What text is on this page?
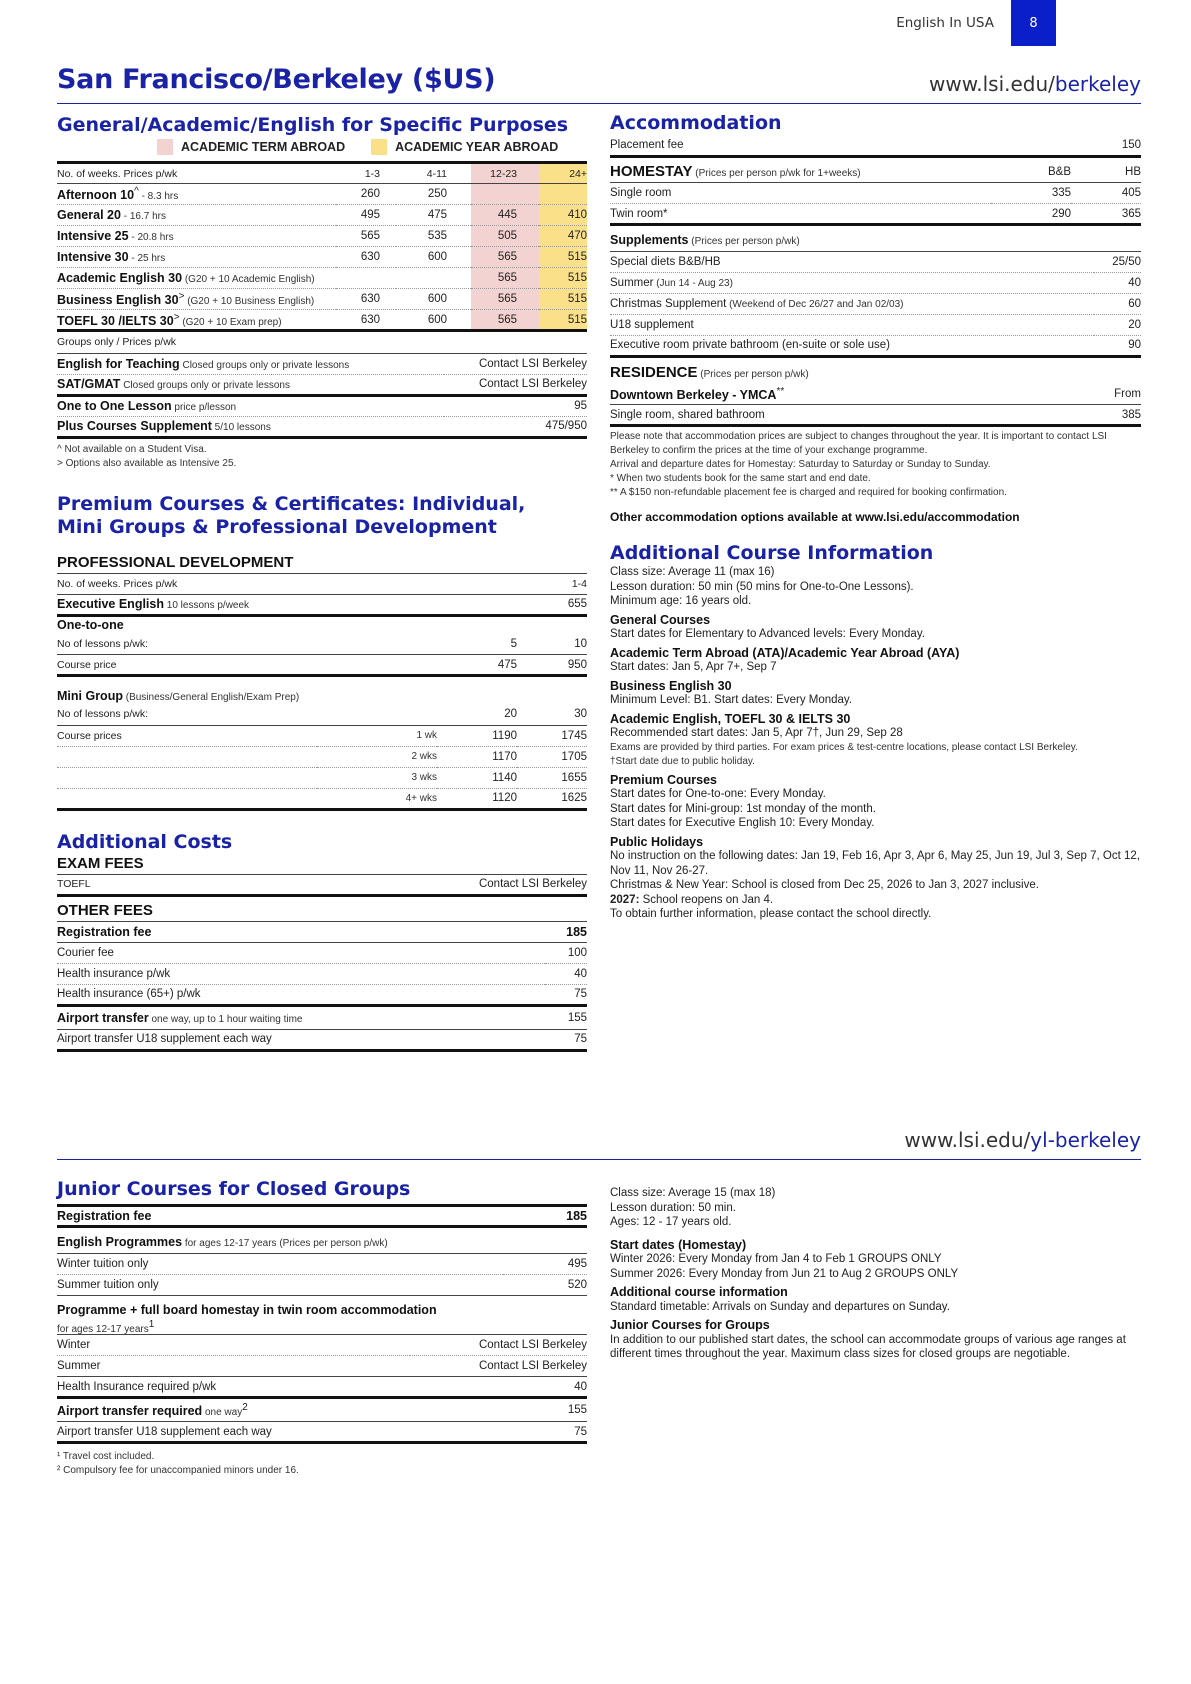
English In USA	8
San Francisco/Berkeley ($US)	www.lsi.edu/berkeley
General/Academic/English for Specific Purposes
ACADEMIC TERM ABROAD	ACADEMIC YEAR ABROAD
No. of weeks. Prices p/wk	1-3	4-11	12-23	24+
Afternoon 10^ - 8.3 hrs	260	250		
General 20 - 16.7 hrs	495	475	445	410
Intensive 25 - 20.8 hrs	565	535	505	470
Intensive 30 - 25 hrs	630	600	565	515
Academic English 30 (G20 + 10 Academic English)			565	515
Business English 30> (G20 + 10 Business English)	630	600	565	515
TOEFL 30 /IELTS 30> (G20 + 10 Exam prep)	630	600	565	515
Groups only / Prices p/wk	
English for Teaching Closed groups only or private lessons	Contact LSI Berkeley
SAT/GMAT Closed groups only or private lessons	Contact LSI Berkeley
One to One Lesson price p/lesson	95
Plus Courses Supplement 5/10 lessons	475/950
^ Not available on a Student Visa.
> Options also available as Intensive 25.
Premium Courses & Certificates: Individual,
Mini Groups & Professional Development
PROFESSIONAL DEVELOPMENT
No. of weeks. Prices p/wk	1-4
Executive English 10 lessons p/week	655
One-to-one		
No of lessons p/wk:	5	10
Course price	475	950
Mini Group (Business/General English/Exam Prep)			
No of lessons p/wk:		20	30
Course prices	1 wk	1190	1745
	2 wks	1170	1705
	3 wks	1140	1655
	4+ wks	1120	1625
Additional Costs
EXAM FEES
TOEFL	Contact LSI Berkeley
OTHER FEES
Registration fee	185
Courier fee	100
Health insurance p/wk	40
Health insurance (65+) p/wk	75
Airport transfer one way, up to 1 hour waiting time	155
Airport transfer U18 supplement each way	75
Accommodation
Placement fee	150
HOMESTAY (Prices per person p/wk for 1+weeks)	B&B	HB
Single room	335	405
Twin room*	290	365
Supplements (Prices per person p/wk)	
Special diets B&B/HB	25/50
Summer (Jun 14 - Aug 23)	40
Christmas Supplement (Weekend of Dec 26/27 and Jan 02/03)	60
U18 supplement	20
Executive room private bathroom (en-suite or sole use)	90
RESIDENCE (Prices per person p/wk)	
Downtown Berkeley - YMCA**	From
Single room, shared bathroom	385
Please note that accommodation prices are subject to changes throughout the year. It is important to contact LSI Berkeley to confirm the prices at the time of your exchange programme.
Arrival and departure dates for Homestay: Saturday to Saturday or Sunday to Sunday.
* When two students book for the same start and end date.
** A $150 non-refundable placement fee is charged and required for booking confirmation.
Other accommodation options available at www.lsi.edu/accommodation
Additional Course Information
Class size: Average 11 (max 16)
Lesson duration: 50 min (50 mins for One-to-One Lessons).
Minimum age: 16 years old.
General Courses
Start dates for Elementary to Advanced levels: Every Monday.
Academic Term Abroad (ATA)/Academic Year Abroad (AYA)
Start dates: Jan 5, Apr 7+, Sep 7
Business English 30
Minimum Level: B1. Start dates: Every Monday.
Academic English, TOEFL 30 & IELTS 30
Recommended start dates: Jan 5, Apr 7†, Jun 29, Sep 28
Exams are provided by third parties. For exam prices & test-centre locations, please contact LSI Berkeley.
†Start date due to public holiday.
Premium Courses
Start dates for One-to-one: Every Monday.
Start dates for Mini-group: 1st monday of the month.
Start dates for Executive English 10: Every Monday.
Public Holidays
No instruction on the following dates: Jan 19, Feb 16, Apr 3, Apr 6, May 25, Jun 19, Jul 3, Sep 7, Oct 12, Nov 11, Nov 26-27.
Christmas & New Year: School is closed from Dec 25, 2026 to Jan 3, 2027 inclusive.
2027: School reopens on Jan 4.
To obtain further information, please contact the school directly.
www.lsi.edu/yl-berkeley
Junior Courses for Closed Groups
Registration fee	185
English Programmes for ages 12-17 years (Prices per person p/wk)	
Winter tuition only	495
Summer tuition only	520
Programme + full board homestay in twin room accommodation	
for ages 12-17 years$^1$
Winter	Contact LSI Berkeley
Summer	Contact LSI Berkeley
Health Insurance required p/wk	40
Airport transfer required one way$^2$	155
Airport transfer U18 supplement each way	75
¹ Travel cost included.
² Compulsory fee for unaccompanied minors under 16.
Class size: Average 15 (max 18)
Lesson duration: 50 min.
Ages: 12 - 17 years old.
Start dates (Homestay)
Winter 2026: Every Monday from Jan 4 to Feb 1 GROUPS ONLY
Summer 2026: Every Monday from Jun 21 to Aug 2 GROUPS ONLY
Additional course information
Standard timetable: Arrivals on Sunday and departures on Sunday.
Junior Courses for Groups
In addition to our published start dates, the school can accommodate groups of various age ranges at different times throughout the year. Maximum class sizes for closed groups are negotiable.
